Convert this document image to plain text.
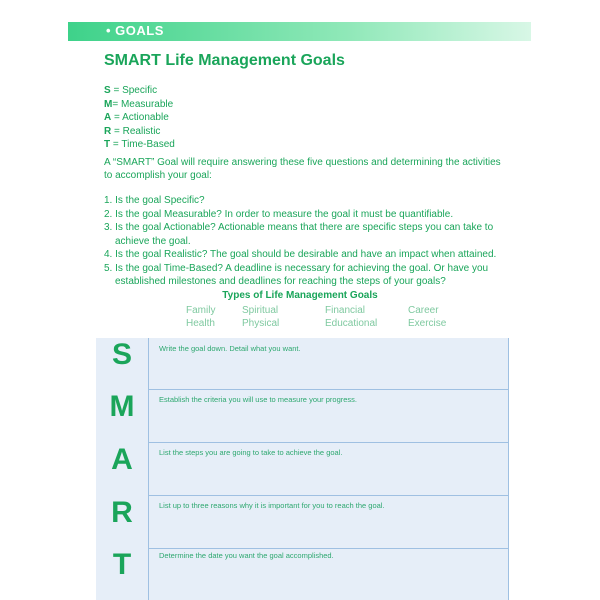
• GOALS
SMART Life Management Goals
S = Specific
M= Measurable
A = Actionable
R = Realistic
T = Time-Based
A “SMART” Goal will require answering these five questions and determining the activities to accomplish your goal:
1. Is the goal Specific?
2. Is the goal Measurable? In order to measure the goal it must be quantifiable.
3. Is the goal Actionable? Actionable means that there are specific steps you can take to achieve the goal.
4. Is the goal Realistic? The goal should be desirable and have an impact when attained.
5. Is the goal Time-Based? A deadline is necessary for achieving the goal. Or have you established milestones and deadlines for reaching the steps of your goals?
Types of Life Management Goals
Family	Spiritual	Financial	Career
Health	Physical	Educational	Exercise
S	Write the goal down. Detail what you want.
M	Establish the criteria you will use to measure your progress.
A	List the steps you are going to take to achieve the goal.
R	List up to three reasons why it is important for you to reach the goal.
T	Determine the date you want the goal accomplished.
